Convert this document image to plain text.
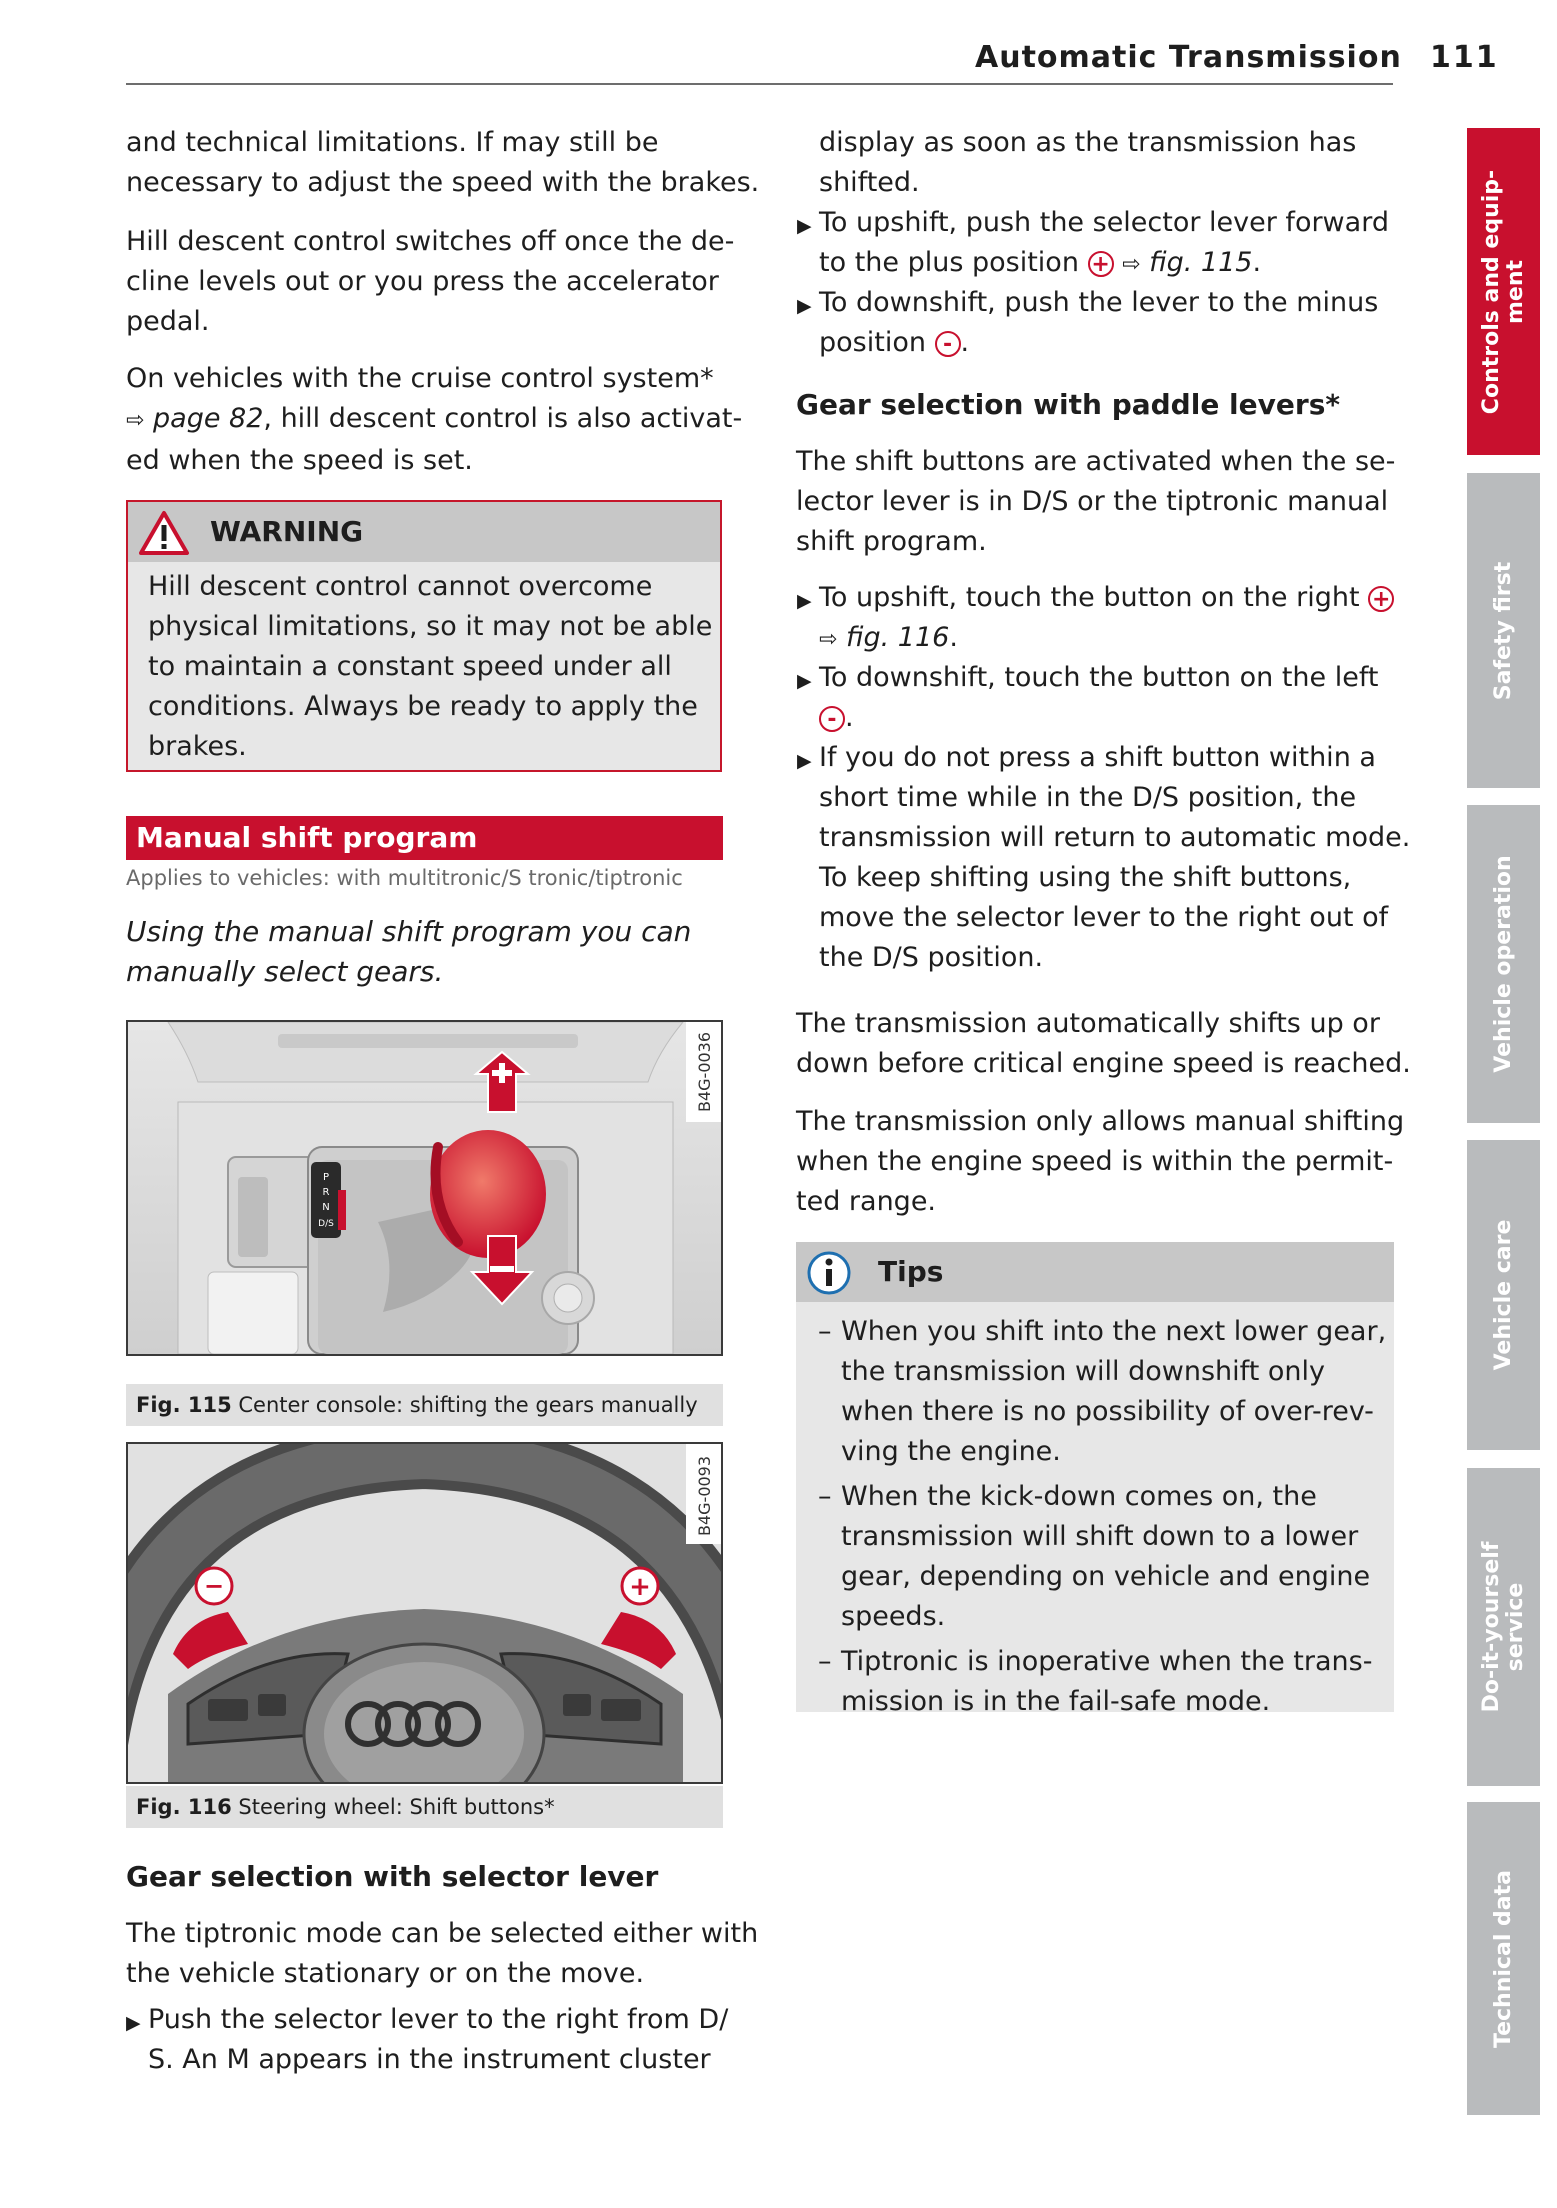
Automatic Transmission 111
and technical limitations. If may still be
necessary to adjust the speed with the brakes.
Hill descent control switches off once the de-
cline levels out or you press the accelerator
pedal.
On vehicles with the cruise control system*
⇨ page 82, hill descent control is also activat-
ed when the speed is set.
WARNING
Hill descent control cannot overcome
physical limitations, so it may not be able
to maintain a constant speed under all
conditions. Always be ready to apply the
brakes.
Manual shift program
Applies to vehicles: with multitronic/S tronic/tiptronic
Using the manual shift program you can
manually select gears.
P
R
N
D/S
B4G-0036
Fig. 115 Center console: shifting the gears manually
−	+
B4G-0093
Fig. 116 Steering wheel: Shift buttons*
Gear selection with selector lever
The tiptronic mode can be selected either with
the vehicle stationary or on the move.
▶ Push the selector lever to the right from D/
S. An M appears in the instrument cluster
display as soon as the transmission has
shifted.
▶ To upshift, push the selector lever forward
to the plus position + ⇨ fig. 115.
▶ To downshift, push the lever to the minus
position - .
Gear selection with paddle levers*
The shift buttons are activated when the se-
lector lever is in D/S or the tiptronic manual
shift program.
▶ To upshift, touch the button on the right +
⇨ fig. 116.
▶ To downshift, touch the button on the left
- .
▶ If you do not press a shift button within a
short time while in the D/S position, the
transmission will return to automatic mode.
To keep shifting using the shift buttons,
move the selector lever to the right out of
the D/S position.
The transmission automatically shifts up or
down before critical engine speed is reached.
The transmission only allows manual shifting
when the engine speed is within the permit-
ted range.
Tips
– When you shift into the next lower gear,
the transmission will downshift only
when there is no possibility of over-rev-
ving the engine.
– When the kick-down comes on, the
transmission will shift down to a lower
gear, depending on vehicle and engine
speeds.
– Tiptronic is inoperative when the trans-
mission is in the fail-safe mode.
Controls and equip- ment
Safety first
Vehicle operation
Vehicle care
Do-it-yourself service
Technical data
